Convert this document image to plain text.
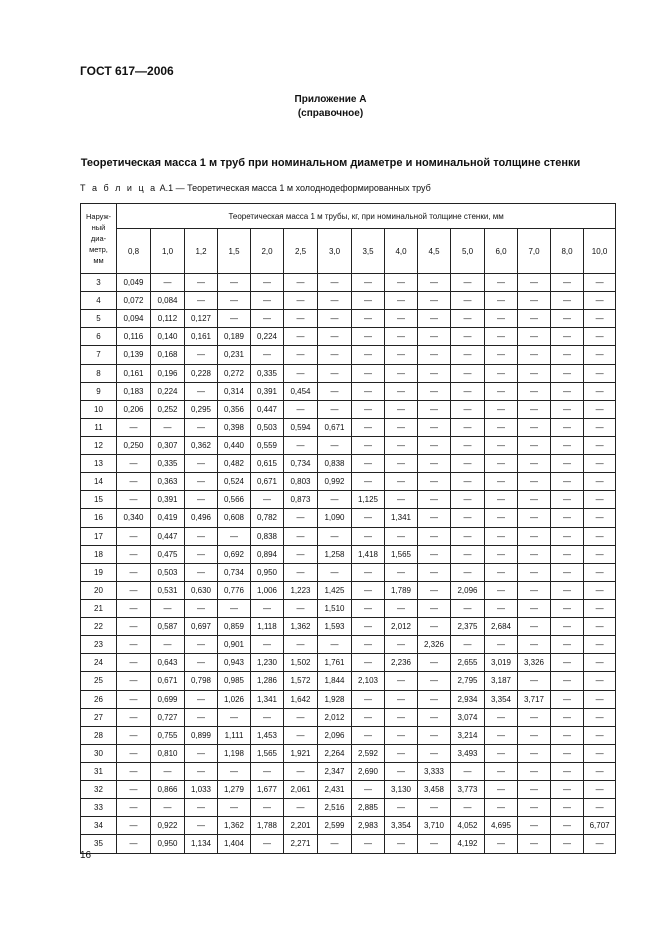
ГОСТ 617—2006
Приложение А
(справочное)
Теоретическая масса 1 м труб при номинальном диаметре и номинальной толщине стенки
Т а б л и ц а А.1 — Теоретическая масса 1 м холоднодеформированных труб
Наруж-
ный
диа-
метр,
мм	Теоретическая масса 1 м трубы, кг, при номинальной толщине стенки, мм														
	0,8	1,0	1,2	1,5	2,0	2,5	3,0	3,5	4,0	4,5	5,0	6,0	7,0	8,0	10,0
3	0,049	—	—	—	—	—	—	—	—	—	—	—	—	—	—
4	0,072	0,084	—	—	—	—	—	—	—	—	—	—	—	—	—
5	0,094	0,112	0,127	—	—	—	—	—	—	—	—	—	—	—	—
6	0,116	0,140	0,161	0,189	0,224	—	—	—	—	—	—	—	—	—	—
7	0,139	0,168	—	0,231	—	—	—	—	—	—	—	—	—	—	—
8	0,161	0,196	0,228	0,272	0,335	—	—	—	—	—	—	—	—	—	—
9	0,183	0,224	—	0,314	0,391	0,454	—	—	—	—	—	—	—	—	—
10	0,206	0,252	0,295	0,356	0,447	—	—	—	—	—	—	—	—	—	—
11	—	—	—	0,398	0,503	0,594	0,671	—	—	—	—	—	—	—	—
12	0,250	0,307	0,362	0,440	0,559	—	—	—	—	—	—	—	—	—	—
13	—	0,335	—	0,482	0,615	0,734	0,838	—	—	—	—	—	—	—	—
14	—	0,363	—	0,524	0,671	0,803	0,992	—	—	—	—	—	—	—	—
15	—	0,391	—	0,566	—	0,873	—	1,125	—	—	—	—	—	—	—
16	0,340	0,419	0,496	0,608	0,782	—	1,090	—	1,341	—	—	—	—	—	—
17	—	0,447	—	—	0,838	—	—	—	—	—	—	—	—	—	—
18	—	0,475	—	0,692	0,894	—	1,258	1,418	1,565	—	—	—	—	—	—
19	—	0,503	—	0,734	0,950	—	—	—	—	—	—	—	—	—	—
20	—	0,531	0,630	0,776	1,006	1,223	1,425	—	1,789	—	2,096	—	—	—	—
21	—	—	—	—	—	—	1,510	—	—	—	—	—	—	—	—
22	—	0,587	0,697	0,859	1,118	1,362	1,593	—	2,012	—	2,375	2,684	—	—	—
23	—	—	—	0,901	—	—	—	—	—	2,326	—	—	—	—	—
24	—	0,643	—	0,943	1,230	1,502	1,761	—	2,236	—	2,655	3,019	3,326	—	—
25	—	0,671	0,798	0,985	1,286	1,572	1,844	2,103	—	—	2,795	3,187	—	—	—
26	—	0,699	—	1,026	1,341	1,642	1,928	—	—	—	2,934	3,354	3,717	—	—
27	—	0,727	—	—	—	—	2,012	—	—	—	3,074	—	—	—	—
28	—	0,755	0,899	1,111	1,453	—	2,096	—	—	—	3,214	—	—	—	—
30	—	0,810	—	1,198	1,565	1,921	2,264	2,592	—	—	3,493	—	—	—	—
31	—	—	—	—	—	—	2,347	2,690	—	3,333	—	—	—	—	—
32	—	0,866	1,033	1,279	1,677	2,061	2,431	—	3,130	3,458	3,773	—	—	—	—
33	—	—	—	—	—	—	2,516	2,885	—	—	—	—	—	—	—
34	—	0,922	—	1,362	1,788	2,201	2,599	2,983	3,354	3,710	4,052	4,695	—	—	6,707
35	—	0,950	1,134	1,404	—	2,271	—	—	—	—	4,192	—	—	—	—
16
